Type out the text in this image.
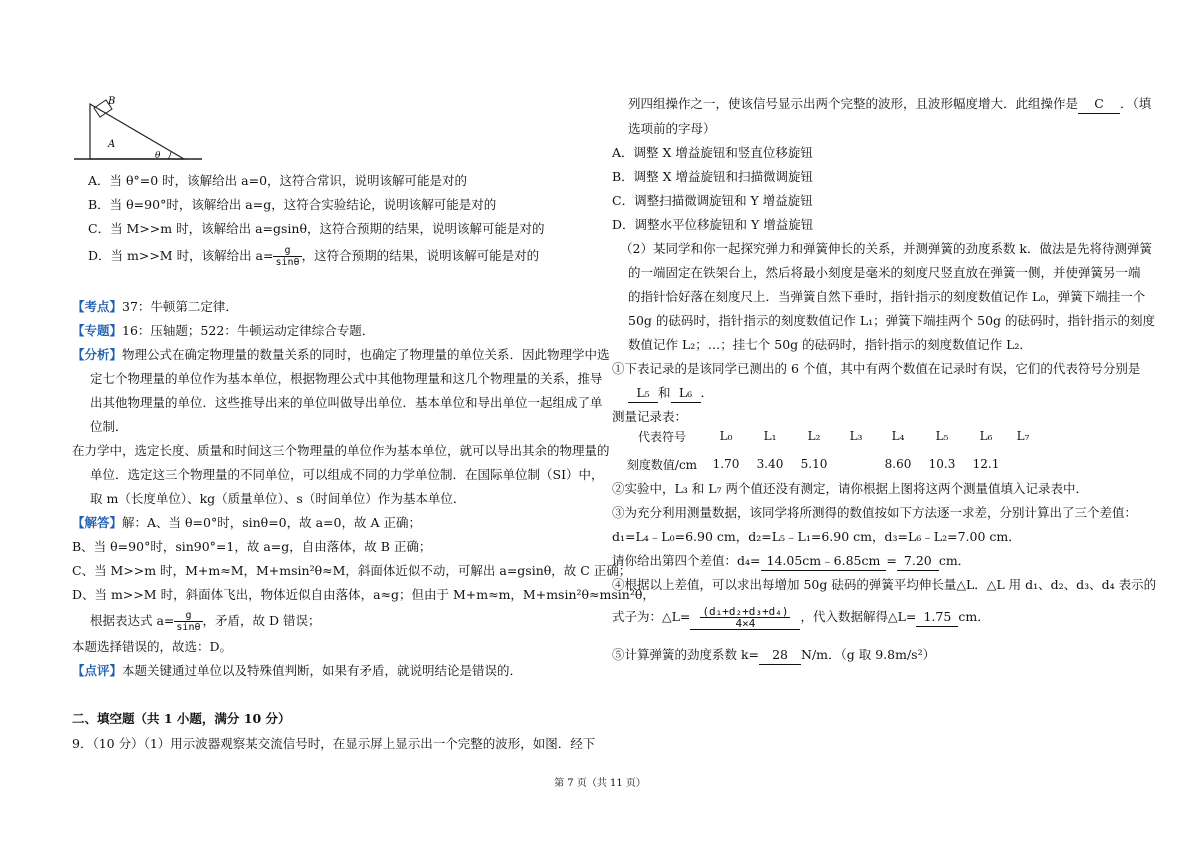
B
A
θ
A．当 θ°=0 时，该解给出 a=0，这符合常识，说明该解可能是对的
B．当 θ=90°时，该解给出 a=g，这符合实验结论，说明该解可能是对的
C．当 M>>m 时，该解给出 a=gsinθ，这符合预期的结果，说明该解可能是对的
D．当 m>>M 时，该解给出 $a= \frac{g}{\sin\theta}$ ，这符合预期的结果，说明该解可能是对的
【考点】37：牛顿第二定律．
【专题】16：压轴题；522：牛顿运动定律综合专题．
【分析】物理公式在确定物理量的数量关系的同时，也确定了物理量的单位关系．因此物理学中选
定七个物理量的单位作为基本单位，根据物理公式中其他物理量和这几个物理量的关系，推导
出其他物理量的单位．这些推导出来的单位叫做导出单位．基本单位和导出单位一起组成了单
位制．
在力学中，选定长度、质量和时间这三个物理量的单位作为基本单位，就可以导出其余的物理量的
单位．选定这三个物理量的不同单位，可以组成不同的力学单位制．在国际单位制（SI）中，
取 m（长度单位）、kg（质量单位）、s（时间单位）作为基本单位．
【解答】解：A、当 θ=0°时，sinθ=0，故 a=0，故 A 正确；
B、当 θ=90°时，sin90°=1，故 a=g，自由落体，故 B 正确；
C、当 M>>m 时，M+m≈M，M+msin²θ≈M，斜面体近似不动，可解出 a=gsinθ，故 C 正确；
D、当 m>>M 时，斜面体飞出，物体近似自由落体，a≈g；但由于 M+m≈m，M+msin²θ≈msin²θ，
根据表达式 $a= \frac{g}{\sin\theta}$ ，矛盾，故 D 错误；
本题选择错误的，故选：D。
【点评】本题关键通过单位以及特殊值判断，如果有矛盾，就说明结论是错误的．
二、填空题（共 1 小题，满分 10 分）
9．（10 分）（1）用示波器观察某交流信号时，在显示屏上显示出一个完整的波形，如图．经下
列四组操作之一，使该信号显示出两个完整的波形，且波形幅度增大．此组操作是 C ．（填
选项前的字母）
A．调整 X 增益旋钮和竖直位移旋钮
B．调整 X 增益旋钮和扫描微调旋钮
C．调整扫描微调旋钮和 Y 增益旋钮
D．调整水平位移旋钮和 Y 增益旋钮
（2）某同学和你一起探究弹力和弹簧伸长的关系，并测弹簧的劲度系数 k．做法是先将待测弹簧
的一端固定在铁架台上，然后将最小刻度是毫米的刻度尺竖直放在弹簧一侧，并使弹簧另一端
的指针恰好落在刻度尺上．当弹簧自然下垂时，指针指示的刻度数值记作 L₀，弹簧下端挂一个
50g 的砝码时，指针指示的刻度数值记作 L₁；弹簧下端挂两个 50g 的砝码时，指针指示的刻度
数值记作 L₂；…；挂七个 50g 的砝码时，指针指示的刻度数值记作 L₂．
①下表记录的是该同学已测出的 6 个值，其中有两个数值在记录时有误，它们的代表符号分别是
L₅ 和 L₆ ．
测量记录表：
代表符号	L₀	L₁	L₂	L₃	L₄	L₅	L₆	L₇
刻度数值/cm	1.70	3.40	5.10		8.60	10.3	12.1	
②实验中，L₃ 和 L₇ 两个值还没有测定，请你根据上图将这两个测量值填入记录表中．
③为充分利用测量数据，该同学将所测得的数值按如下方法逐一求差，分别计算出了三个差值：
d₁=L₄﹣L₀=6.90 cm，d₂=L₅﹣L₁=6.90 cm，d₃=L₆﹣L₂=7.00 cm．
请你给出第四个差值：d₄= 14.05cm﹣6.85cm = 7.20 cm．
④根据以上差值，可以求出每增加 50g 砝码的弹簧平均伸长量△L．△L 用 d₁、d₂、d₃、d₄ 表示的
式子为：△L= $\frac{\text{(d₁+d₂+d₃+d₄)}}{4\times 4}$ ，代入数据解得△L= 1.75 cm．
⑤计算弹簧的劲度系数 k= 28 N/m．（g 取 9.8m/s²）
第 7 页（共 11 页）
